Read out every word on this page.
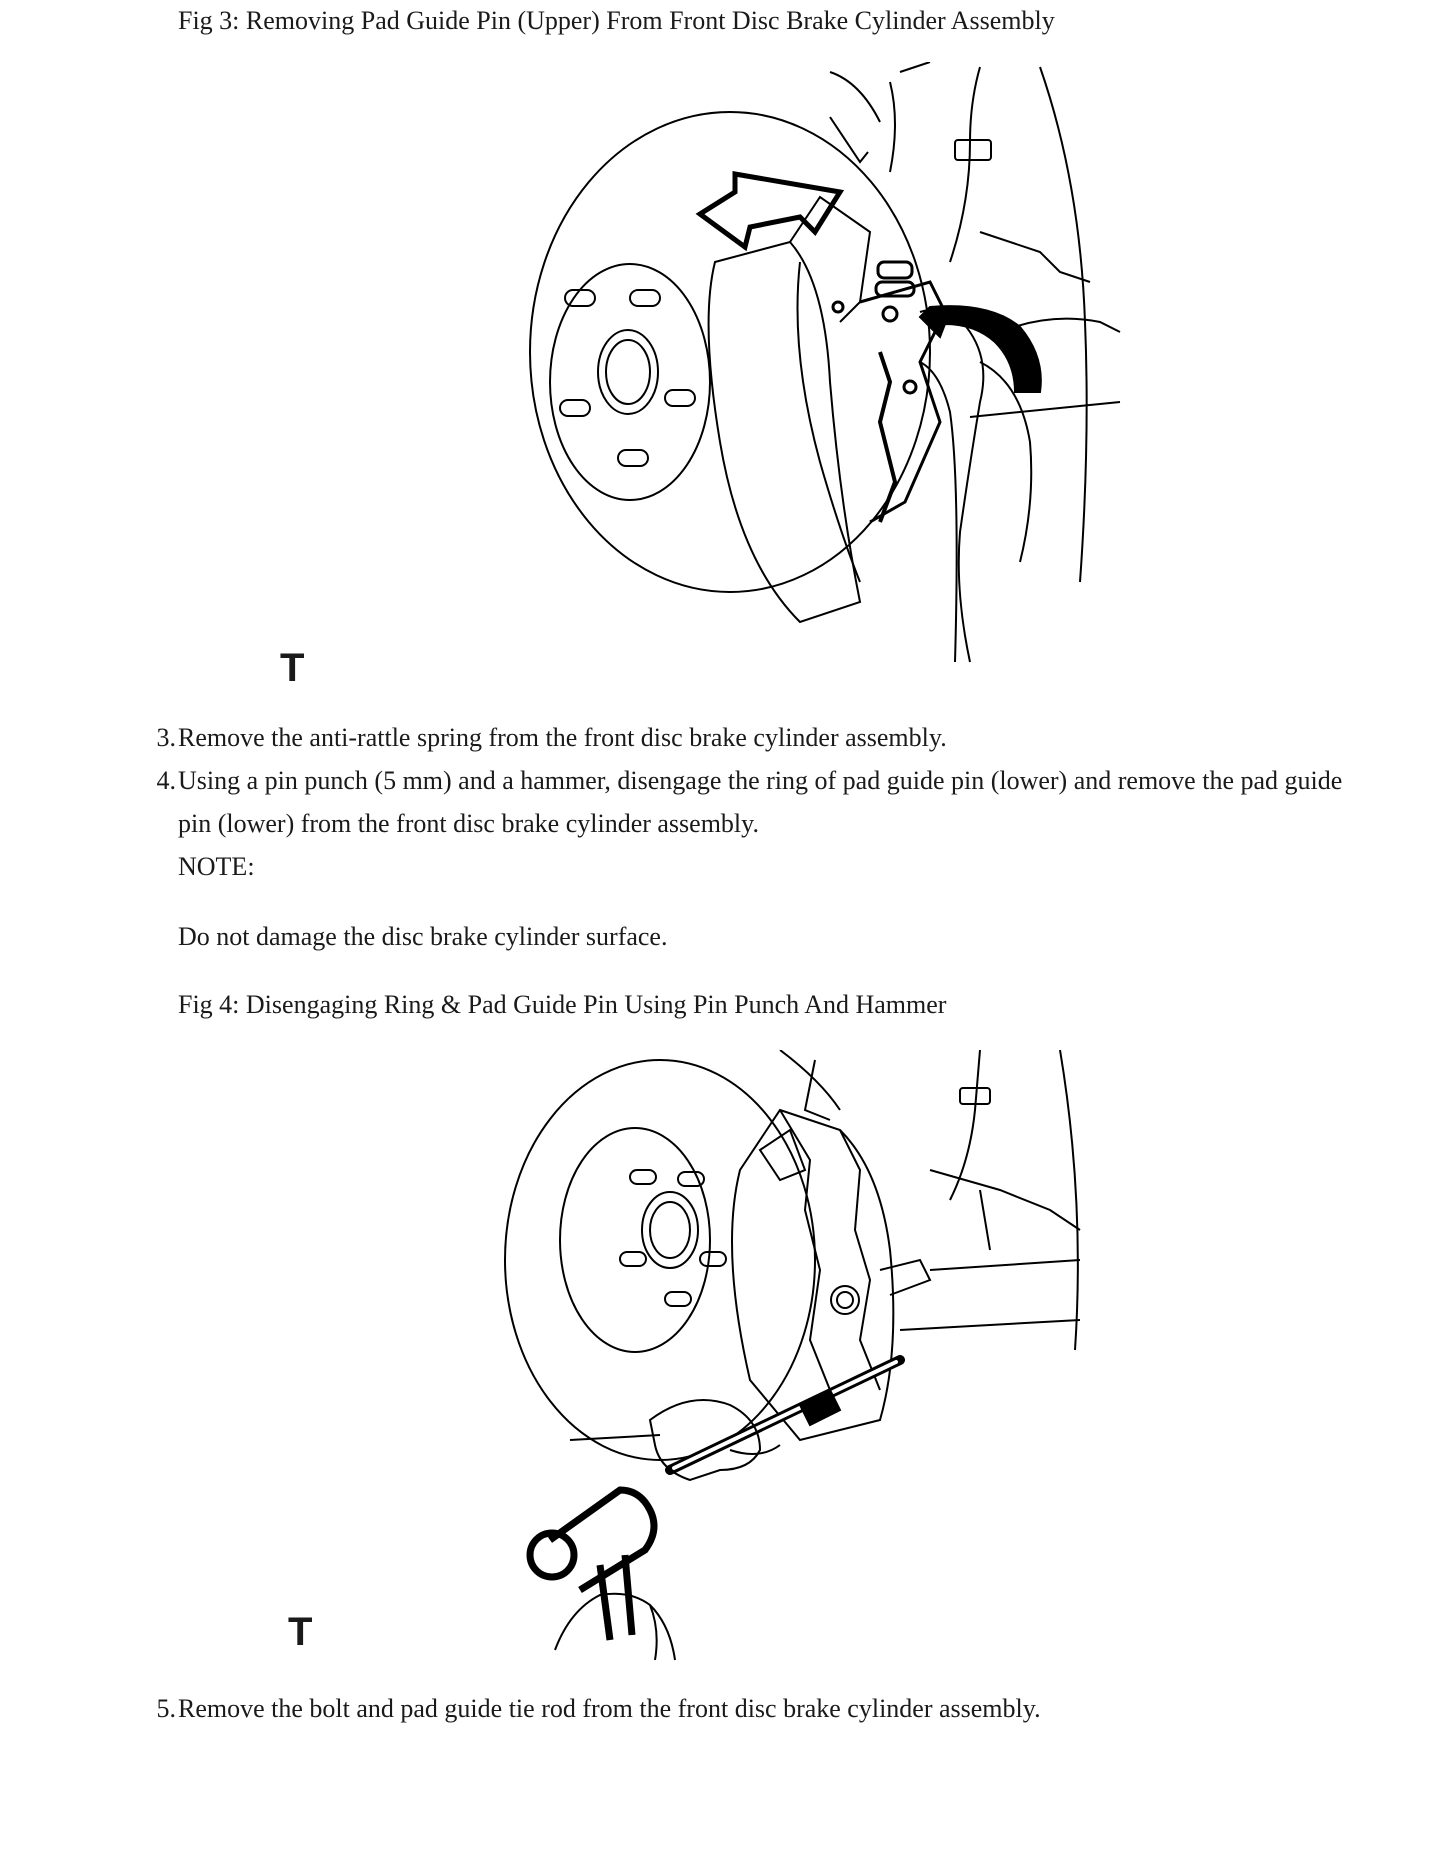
Fig 3: Removing Pad Guide Pin (Upper) From Front Disc Brake Cylinder Assembly
T
3. Remove the anti-rattle spring from the front disc brake cylinder assembly.
4. Using a pin punch (5 mm) and a hammer, disengage the ring of pad guide pin (lower) and remove the pad guide pin (lower) from the front disc brake cylinder assembly.
NOTE:
Do not damage the disc brake cylinder surface.
Fig 4: Disengaging Ring & Pad Guide Pin Using Pin Punch And Hammer
T
5. Remove the bolt and pad guide tie rod from the front disc brake cylinder assembly.
